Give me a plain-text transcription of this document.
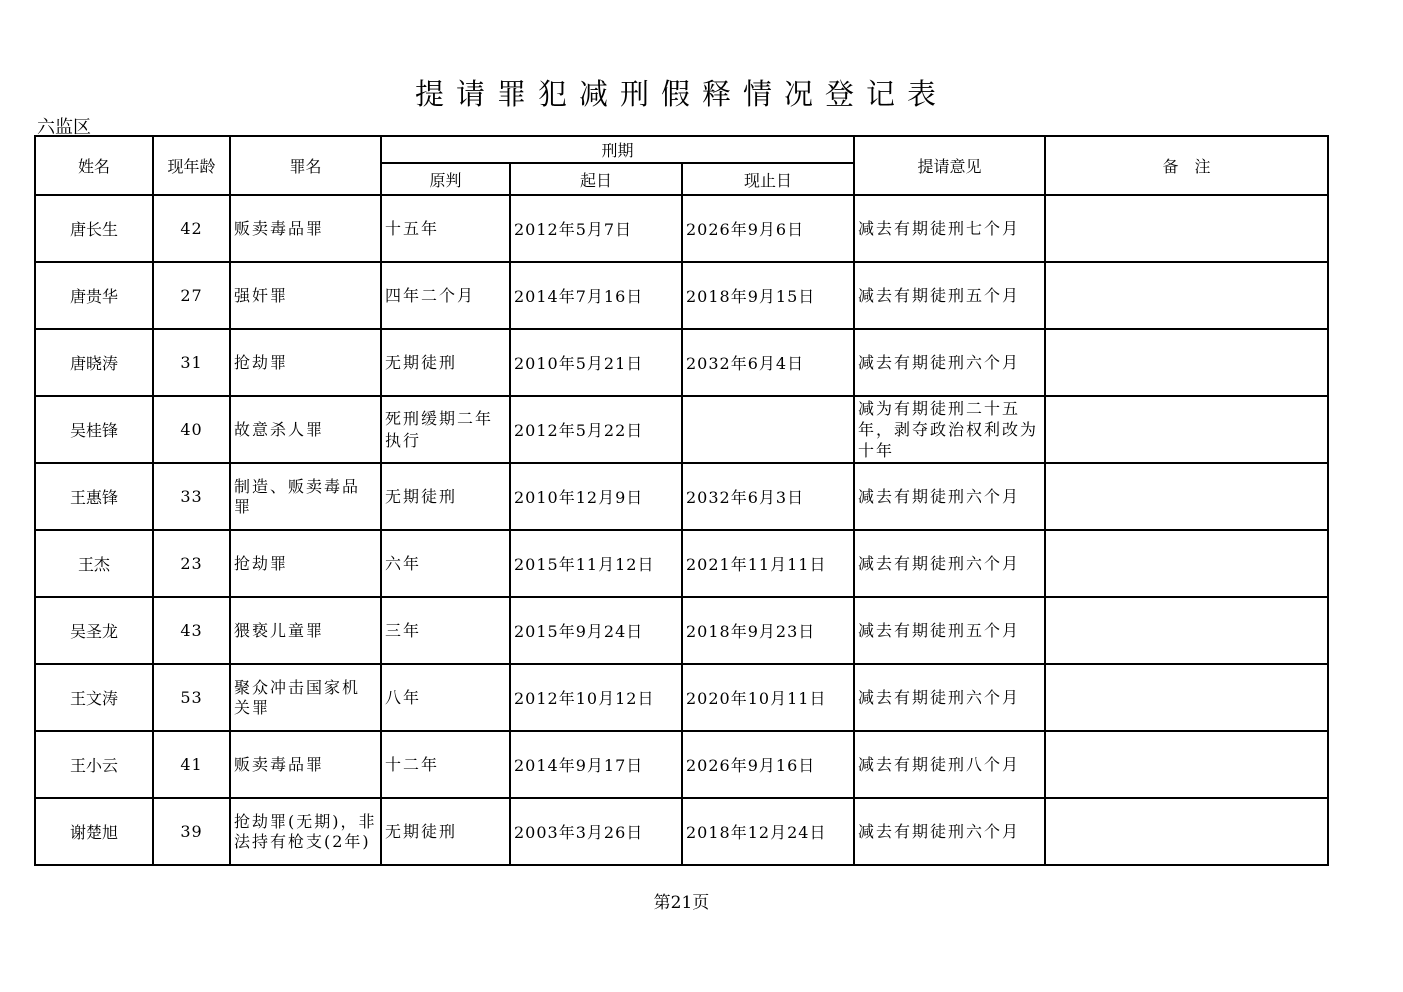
提请罪犯减刑假释情况登记表
六监区
姓名	现年龄	罪名	刑期			提请意见	备　注
			原判	起日	现止日		
唐长生	42	贩卖毒品罪	十五年	2012年5月7日	2026年9月6日	减去有期徒刑七个月	
唐贵华	27	强奸罪	四年二个月	2014年7月16日	2018年9月15日	减去有期徒刑五个月	
唐晓涛	31	抢劫罪	无期徒刑	2010年5月21日	2032年6月4日	减去有期徒刑六个月	
吴桂锋	40	故意杀人罪	死刑缓期二年执行	2012年5月22日		减为有期徒刑二十五年，剥夺政治权利改为十年	
王惠锋	33	制造、贩卖毒品罪	无期徒刑	2010年12月9日	2032年6月3日	减去有期徒刑六个月	
王杰	23	抢劫罪	六年	2015年11月12日	2021年11月11日	减去有期徒刑六个月	
吴圣龙	43	猥亵儿童罪	三年	2015年9月24日	2018年9月23日	减去有期徒刑五个月	
王文涛	53	聚众冲击国家机关罪	八年	2012年10月12日	2020年10月11日	减去有期徒刑六个月	
王小云	41	贩卖毒品罪	十二年	2014年9月17日	2026年9月16日	减去有期徒刑八个月	
谢楚旭	39	抢劫罪(无期)，非法持有枪支(2年)	无期徒刑	2003年3月26日	2018年12月24日	减去有期徒刑六个月	
第21页
